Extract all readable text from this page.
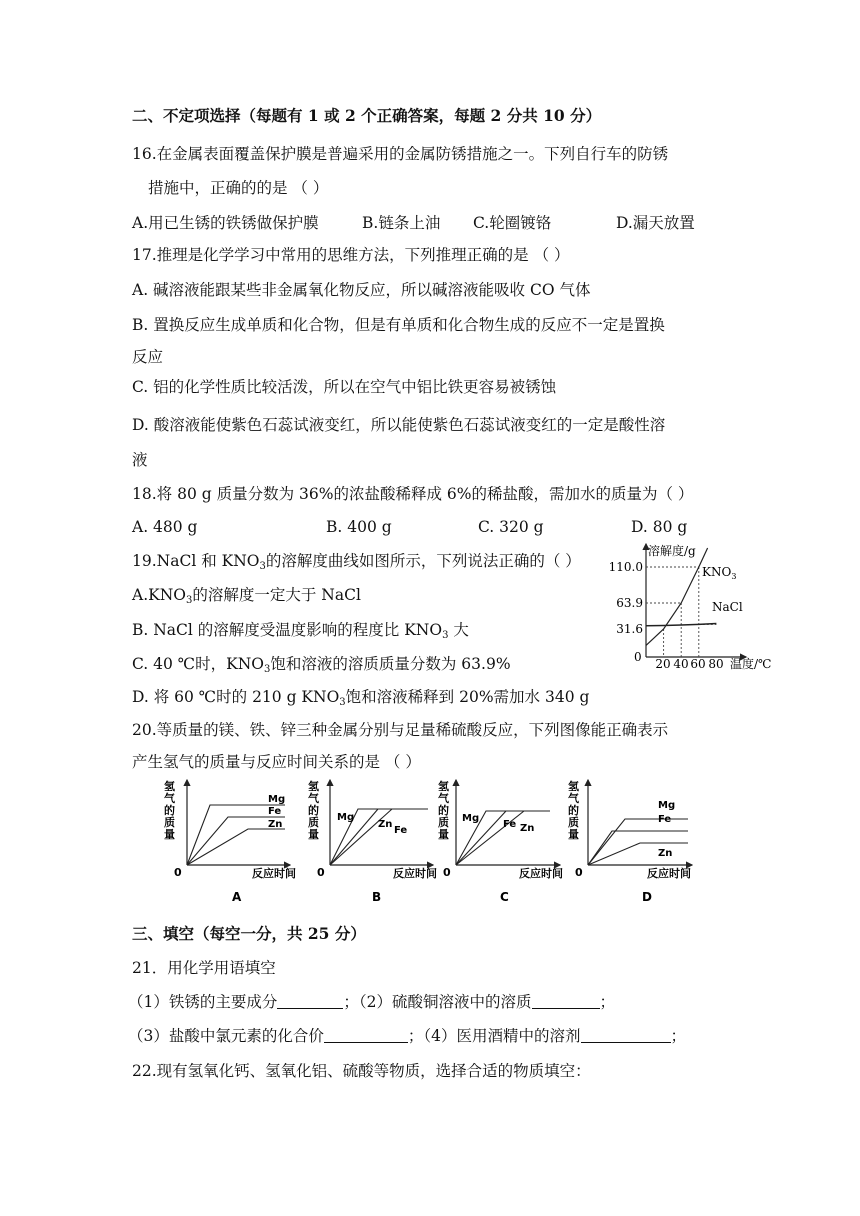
二、不定项选择（每题有 1 或 2 个正确答案，每题 2 分共 10 分）
16.在金属表面覆盖保护膜是普遍采用的金属防锈措施之一。下列自行车的防锈
措施中，正确的的是 （ ）
A.用已生锈的铁锈做保护膜	B.链条上油 C.轮圈镀铬	D.漏天放置
17.推理是化学学习中常用的思维方法，下列推理正确的是 （ ）
A. 碱溶液能跟某些非金属氧化物反应，所以碱溶液能吸收 CO 气体
B. 置换反应生成单质和化合物，但是有单质和化合物生成的反应不一定是置换
反应
C. 铝的化学性质比较活泼，所以在空气中铝比铁更容易被锈蚀
D. 酸溶液能使紫色石蕊试液变红，所以能使紫色石蕊试液变红的一定是酸性溶
液
18.将 80 g 质量分数为 36%的浓盐酸稀释成 6%的稀盐酸，需加水的质量为（ ）
A. 480 g	B. 400 g	C. 320 g	D. 80 g
19.NaCl 和 KNO3的溶解度曲线如图所示，下列说法正确的（ ）
A.KNO3的溶解度一定大于 NaCl
B. NaCl 的溶解度受温度影响的程度比 KNO3 大
C. 40 ℃时，KNO3饱和溶液的溶质质量分数为 63.9%
D. 将 60 ℃时的 210 g KNO3饱和溶液稀释到 20%需加水 340 g
溶解度/g
温度/℃
0
31.6
63.9
110.0
20 40 60 80
$KNO_3$
NaCl
20.等质量的镁、铁、锌三种金属分别与足量稀硫酸反应，下列图像能正确表示
产生氢气的质量与反应时间关系的是 （ ）
氢
气
的
质
量
0	反应时间
A
Mg
Fe
Zn
氢
气
的
质
量
0	反应时间
B
Mg
Zn
Fe
氢
气
的
质
量
0	反应时间
C
Mg
Fe Zn
氢
气
的
质
量
0	反应时间
D
Mg
Fe
Zn
三、填空（每空一分，共 25 分）
21．用化学用语填空
（1）铁锈的主要成分	；（2）硫酸铜溶液中的溶质	；
（3）盐酸中氯元素的化合价	；（4）医用酒精中的溶剂	；
22.现有氢氧化钙、氢氧化铝、硫酸等物质，选择合适的物质填空：
